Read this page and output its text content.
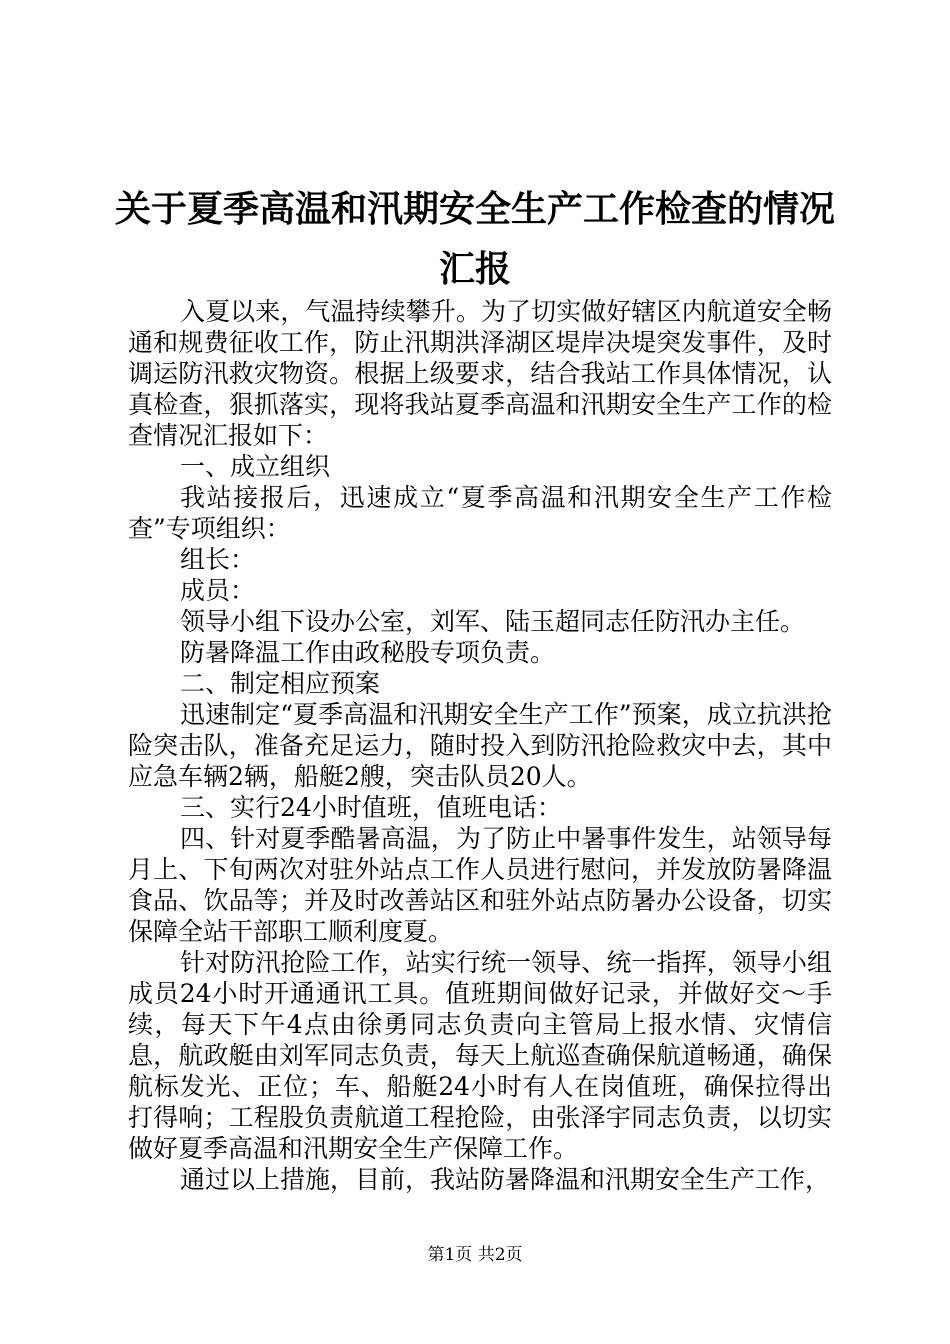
关于夏季高温和汛期安全生产工作检查的情况
汇报

入夏以来，气温持续攀升。为了切实做好辖区内航道安全畅通和规费征收工作，防止汛期洪泽湖区堤岸决堤突发事件，及时调运防汛救灾物资。根据上级要求，结合我站工作具体情况，认真检查，狠抓落实，现将我站夏季高温和汛期安全生产工作的检查情况汇报如下：

一、成立组织

我站接报后，迅速成立“夏季高温和汛期安全生产工作检查”专项组织：

组长：

成员：

领导小组下设办公室，刘军、陆玉超同志任防汛办主任。

防暑降温工作由政秘股专项负责。

二、制定相应预案

迅速制定“夏季高温和汛期安全生产工作”预案，成立抗洪抢险突击队，准备充足运力，随时投入到防汛抢险救灾中去，其中应急车辆2辆，船艇2艘，突击队员20人。

三、实行24小时值班，值班电话：

四、针对夏季酷暑高温，为了防止中暑事件发生，站领导每月上、下旬两次对驻外站点工作人员进行慰问，并发放防暑降温食品、饮品等；并及时改善站区和驻外站点防暑办公设备，切实保障全站干部职工顺利度夏。

针对防汛抢险工作，站实行统一领导、统一指挥，领导小组成员24小时开通通讯工具。值班期间做好记录，并做好交～手续，每天下午4点由徐勇同志负责向主管局上报水情、灾情信息，航政艇由刘军同志负责，每天上航巡查确保航道畅通，确保航标发光、正位；车、船艇24小时有人在岗值班，确保拉得出打得响；工程股负责航道工程抢险，由张泽宇同志负责，以切实做好夏季高温和汛期安全生产保障工作。

通过以上措施，目前，我站防暑降温和汛期安全生产工作，

第1页 共2页
